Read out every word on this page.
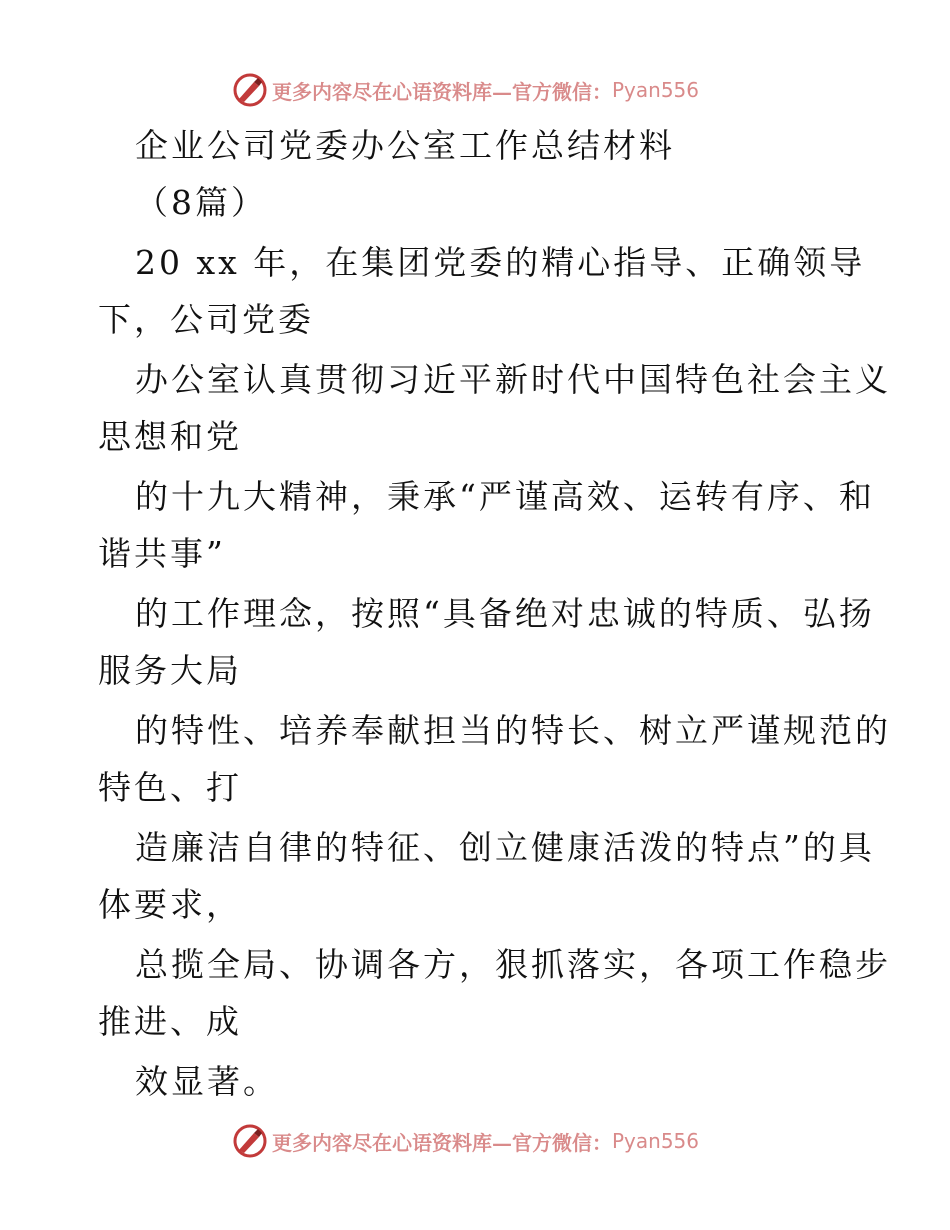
更多内容尽在心语资料库—官方微信： Pyan556
企业公司党委办公室工作总结材料
（8篇）
20 xx 年，在集团党委的精心指导、正确领导
下，公司党委
办公室认真贯彻习近平新时代中国特色社会主义
思想和党
的十九大精神，秉承“严谨高效、运转有序、和
谐共事”
的工作理念，按照“具备绝对忠诚的特质、弘扬
服务大局
的特性、培养奉献担当的特长、树立严谨规范的
特色、打
造廉洁自律的特征、创立健康活泼的特点”的具
体要求，
总揽全局、协调各方，狠抓落实，各项工作稳步
推进、成
效显著。
更多内容尽在心语资料库—官方微信： Pyan556
